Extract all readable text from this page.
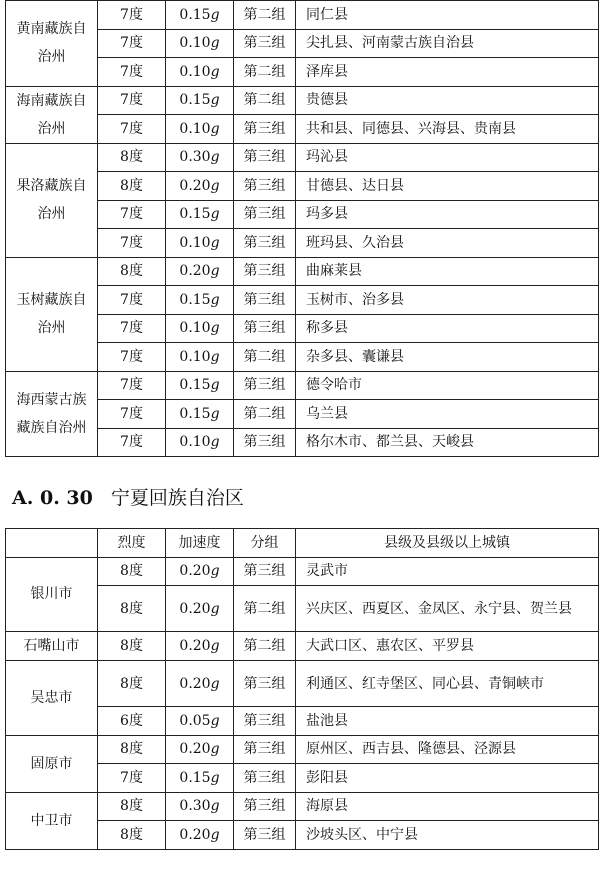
黄南藏族自治州	7度	0.15g	第二组	同仁县
	7度	0.10g	第三组	尖扎县、河南蒙古族自治县
	7度	0.10g	第二组	泽库县
海南藏族自治州	7度	0.15g	第二组	贵德县
	7度	0.10g	第三组	共和县、同德县、兴海县、贵南县
果洛藏族自治州	8度	0.30g	第三组	玛沁县
	8度	0.20g	第三组	甘德县、达日县
	7度	0.15g	第三组	玛多县
	7度	0.10g	第三组	班玛县、久治县
玉树藏族自治州	8度	0.20g	第三组	曲麻莱县
	7度	0.15g	第三组	玉树市、治多县
	7度	0.10g	第三组	称多县
	7度	0.10g	第二组	杂多县、囊谦县
海西蒙古族藏族自治州	7度	0.15g	第三组	德令哈市
	7度	0.15g	第二组	乌兰县
	7度	0.10g	第三组	格尔木市、都兰县、天峻县
A. 0. 30 宁夏回族自治区
	烈度	加速度	分组	县级及县级以上城镇
银川市	8度	0.20g	第三组	灵武市
	8度	0.20g	第二组	兴庆区、西夏区、金凤区、永宁县、贺兰县
石嘴山市	8度	0.20g	第二组	大武口区、惠农区、平罗县
吴忠市	8度	0.20g	第三组	利通区、红寺堡区、同心县、青铜峡市
	6度	0.05g	第三组	盐池县
固原市	8度	0.20g	第三组	原州区、西吉县、隆德县、泾源县
	7度	0.15g	第三组	彭阳县
中卫市	8度	0.30g	第三组	海原县
	8度	0.20g	第三组	沙坡头区、中宁县
